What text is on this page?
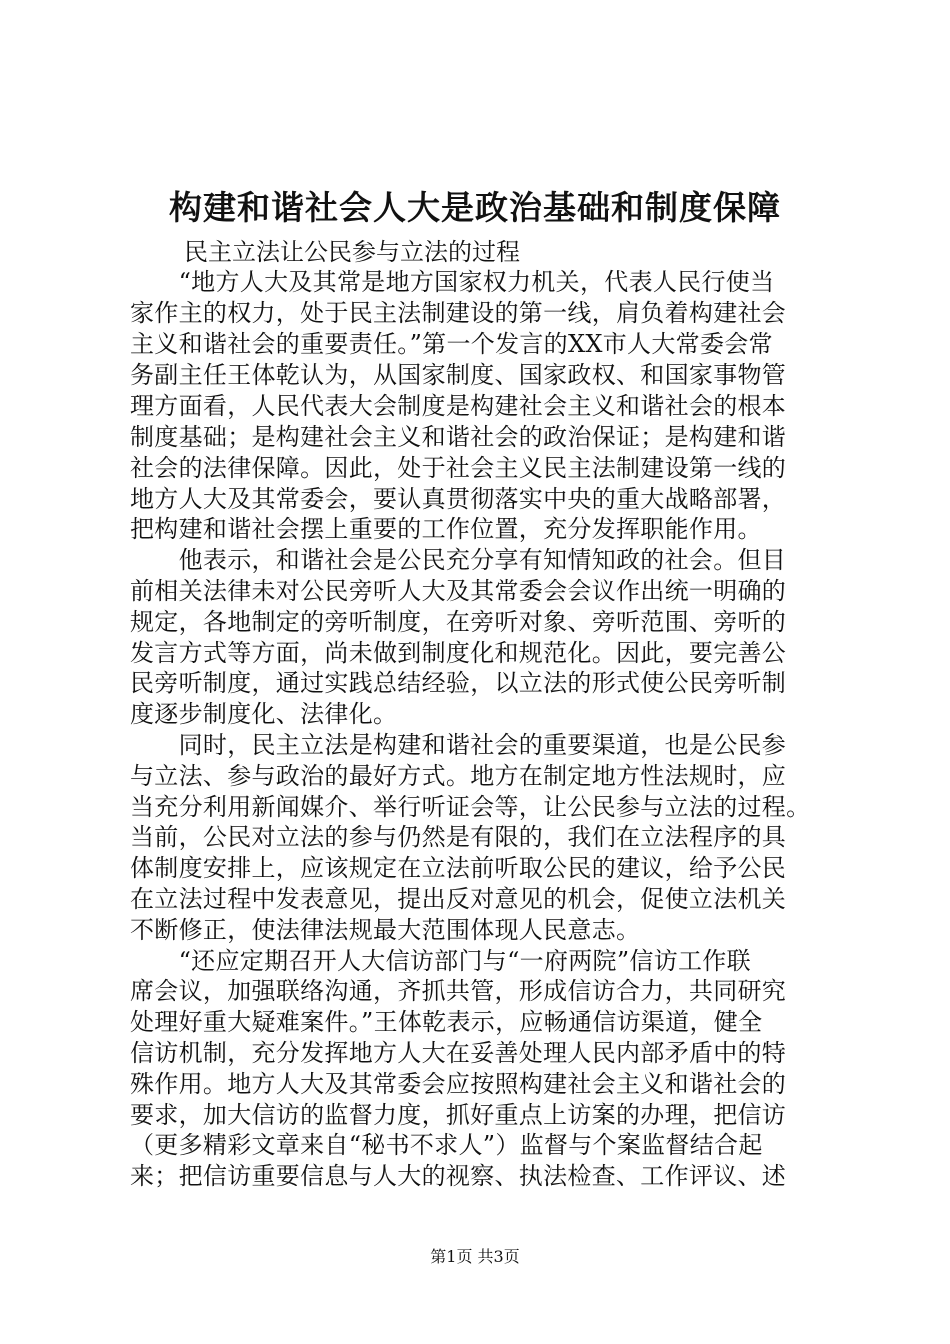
构建和谐社会人大是政治基础和制度保障
民主立法让公民参与立法的过程
　　“地方人大及其常是地方国家权力机关，代表人民行使当
家作主的权力，处于民主法制建设的第一线，肩负着构建社会
主义和谐社会的重要责任。”第一个发言的XX市人大常委会常
务副主任王体乾认为，从国家制度、国家政权、和国家事物管
理方面看，人民代表大会制度是构建社会主义和谐社会的根本
制度基础；是构建社会主义和谐社会的政治保证；是构建和谐
社会的法律保障。因此，处于社会主义民主法制建设第一线的
地方人大及其常委会，要认真贯彻落实中央的重大战略部署，
把构建和谐社会摆上重要的工作位置，充分发挥职能作用。
　　他表示，和谐社会是公民充分享有知情知政的社会。但目
前相关法律未对公民旁听人大及其常委会会议作出统一明确的
规定，各地制定的旁听制度，在旁听对象、旁听范围、旁听的
发言方式等方面，尚未做到制度化和规范化。因此，要完善公
民旁听制度，通过实践总结经验，以立法的形式使公民旁听制
度逐步制度化、法律化。
　　同时，民主立法是构建和谐社会的重要渠道，也是公民参
与立法、参与政治的最好方式。地方在制定地方性法规时，应
当充分利用新闻媒介、举行听证会等，让公民参与立法的过程。
当前，公民对立法的参与仍然是有限的，我们在立法程序的具
体制度安排上，应该规定在立法前听取公民的建议，给予公民
在立法过程中发表意见，提出反对意见的机会，促使立法机关
不断修正，使法律法规最大范围体现人民意志。
　　“还应定期召开人大信访部门与“一府两院”信访工作联
席会议，加强联络沟通，齐抓共管，形成信访合力，共同研究
处理好重大疑难案件。”王体乾表示，应畅通信访渠道，健全
信访机制，充分发挥地方人大在妥善处理人民内部矛盾中的特
殊作用。地方人大及其常委会应按照构建社会主义和谐社会的
要求，加大信访的监督力度，抓好重点上访案的办理，把信访
（更多精彩文章来自“秘书不求人”）监督与个案监督结合起
来；把信访重要信息与人大的视察、执法检查、工作评议、述
第1页 共3页
